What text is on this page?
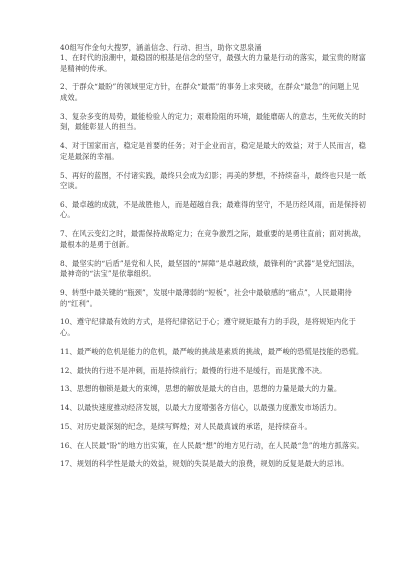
40组写作金句大搜罗，涵盖信念、行动、担当，助你文思泉涌

1、在时代的浪潮中，最稳固的根基是信念的坚守，最强大的力量是行动的落实，最宝贵的财富是精神的传承。
2、于群众“最盼”的领域里定方针，在群众“最需”的事务上求突破，在群众“最急”的问题上见成效。
3、复杂多变的局势，最能检验人的定力；艰难险阻的环境，最能磨砺人的意志，生死攸关的时刻，最能彰显人的担当。
4、对于国家而言，稳定是首要的任务；对于企业而言，稳定是最大的效益；对于人民而言，稳定是最深的幸福。
5、再好的蓝图，不付诸实践，最终只会成为幻影；再美的梦想，不持续奋斗，最终也只是一纸空谈。
6、最卓越的成就，不是战胜他人，而是超越自我；最难得的坚守，不是历经风雨，而是保持初心。
7、在风云变幻之时，最需保持战略定力；在竞争激烈之际，最重要的是勇往直前；面对挑战，最根本的是勇于创新。
8、最坚实的“后盾”是党和人民，最坚固的“屏障”是卓越政绩，最锋利的“武器”是党纪国法，最神奇的“法宝”是依靠组织。
9、转型中最关键的“瓶颈”，发展中最薄弱的“短板”，社会中最敏感的“痛点”，人民最期待的“红利”。
10、遵守纪律最有效的方式，是将纪律铭记于心；遵守规矩最有力的手段，是将规矩内化于心。
11、最严峻的危机是能力的危机，最严峻的挑战是素质的挑战，最严峻的恐慌是技能的恐慌。
12、最快的行进不是冲刺，而是持续前行；最慢的行进不是缓行，而是犹豫不决。
13、思想的枷锁是最大的束缚，思想的解放是最大的自由，思想的力量是最大的力量。
14、以最快速度推动经济发展，以最大力度增强各方信心，以最强力度激发市场活力。
15、对历史最深刻的纪念，是续写辉煌；对人民最真诚的承诺，是持续奋斗。
16、在人民最“盼”的地方出实策，在人民最“想”的地方见行动，在人民最“急”的地方抓落实。
17、规划的科学性是最大的效益，规划的失误是最大的浪费，规划的反复是最大的忌讳。
